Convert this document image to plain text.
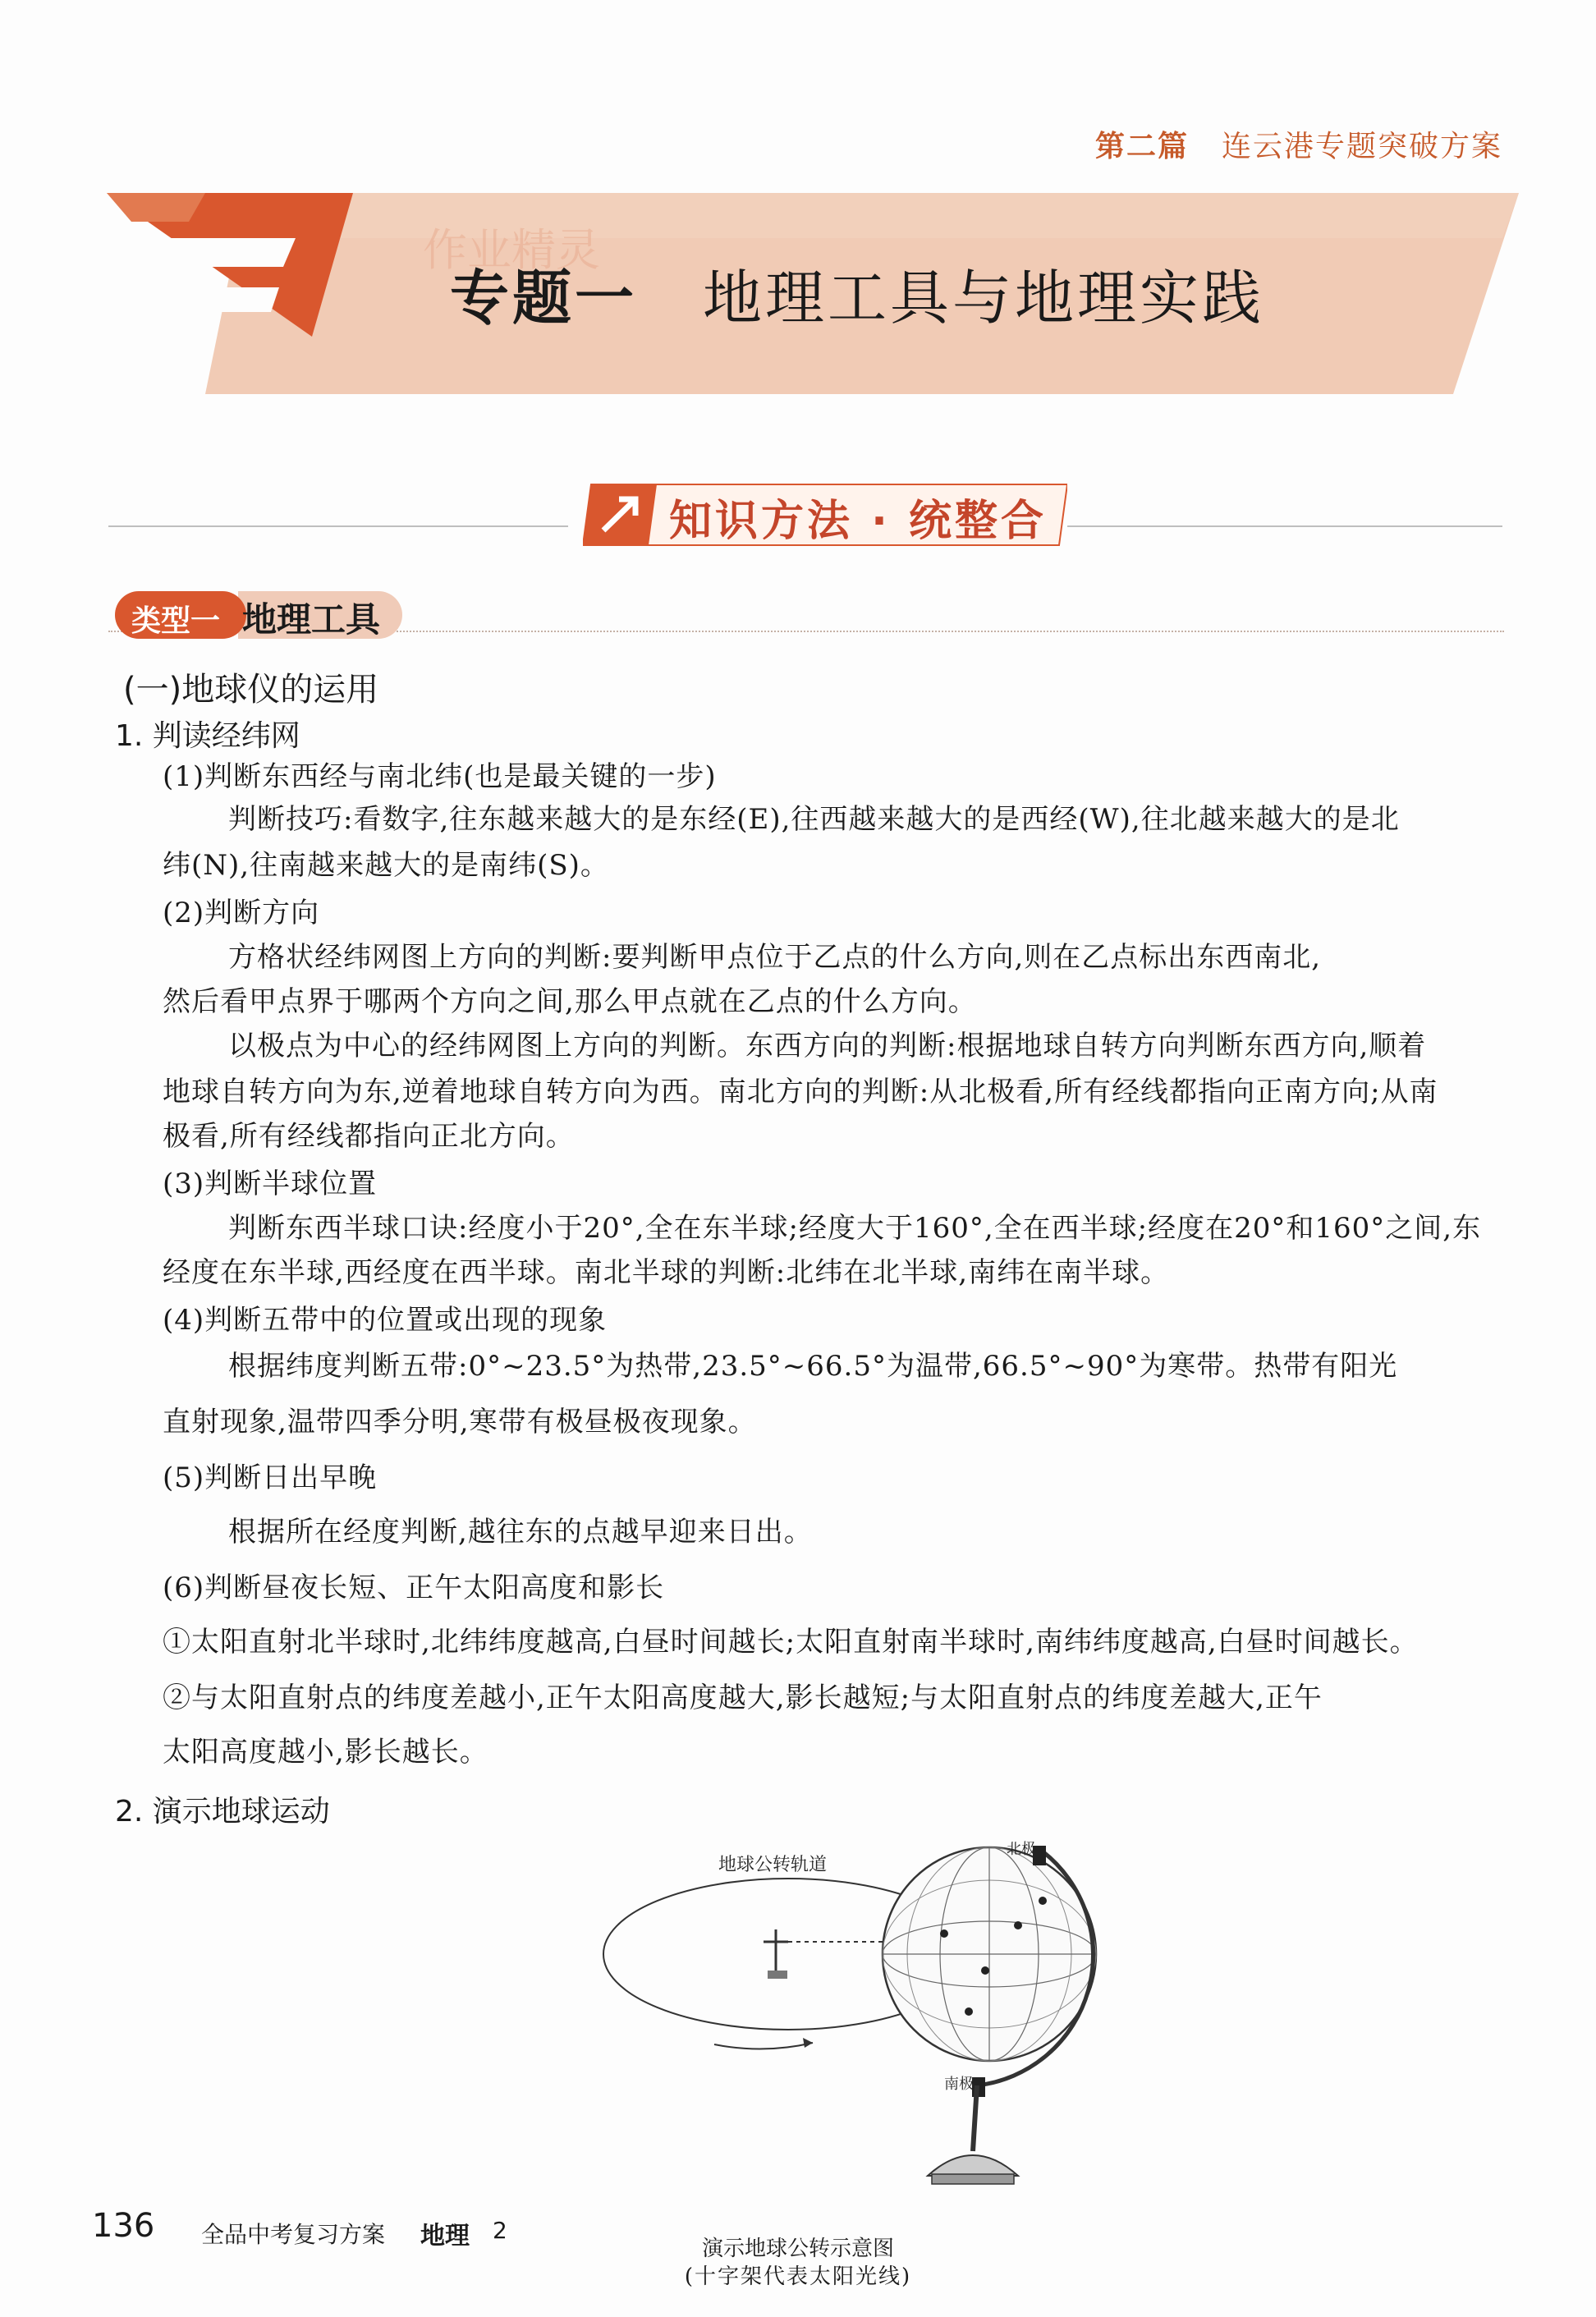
第二篇 连云港专题突破方案
作业精灵
专题一 地理工具与地理实践
知识方法 · 统整合
类型一 地理工具
(一)地球仪的运用
1. 判读经纬网
(1)判断东西经与南北纬(也是最关键的一步)
判断技巧:看数字,往东越来越大的是东经(E),往西越来越大的是西经(W),往北越来越大的是北
纬(N),往南越来越大的是南纬(S)。
(2)判断方向
方格状经纬网图上方向的判断:要判断甲点位于乙点的什么方向,则在乙点标出东西南北,
然后看甲点界于哪两个方向之间,那么甲点就在乙点的什么方向。
以极点为中心的经纬网图上方向的判断。东西方向的判断:根据地球自转方向判断东西方向,顺着
地球自转方向为东,逆着地球自转方向为西。南北方向的判断:从北极看,所有经线都指向正南方向;从南
极看,所有经线都指向正北方向。
(3)判断半球位置
判断东西半球口诀:经度小于20°,全在东半球;经度大于160°,全在西半球;经度在20°和160°之间,东
经度在东半球,西经度在西半球。南北半球的判断:北纬在北半球,南纬在南半球。
(4)判断五带中的位置或出现的现象
根据纬度判断五带:0°~23.5°为热带,23.5°~66.5°为温带,66.5°~90°为寒带。热带有阳光
直射现象,温带四季分明,寒带有极昼极夜现象。
(5)判断日出早晚
根据所在经度判断,越往东的点越早迎来日出。
(6)判断昼夜长短、正午太阳高度和影长
①太阳直射北半球时,北纬纬度越高,白昼时间越长;太阳直射南半球时,南纬纬度越高,白昼时间越长。
②与太阳直射点的纬度差越小,正午太阳高度越大,影长越短;与太阳直射点的纬度差越大,正午
太阳高度越小,影长越长。
2. 演示地球运动
地球公转轨道
北极
南极
演示地球公转示意图
(十字架代表太阳光线)
136 全品中考复习方案 地理 2
